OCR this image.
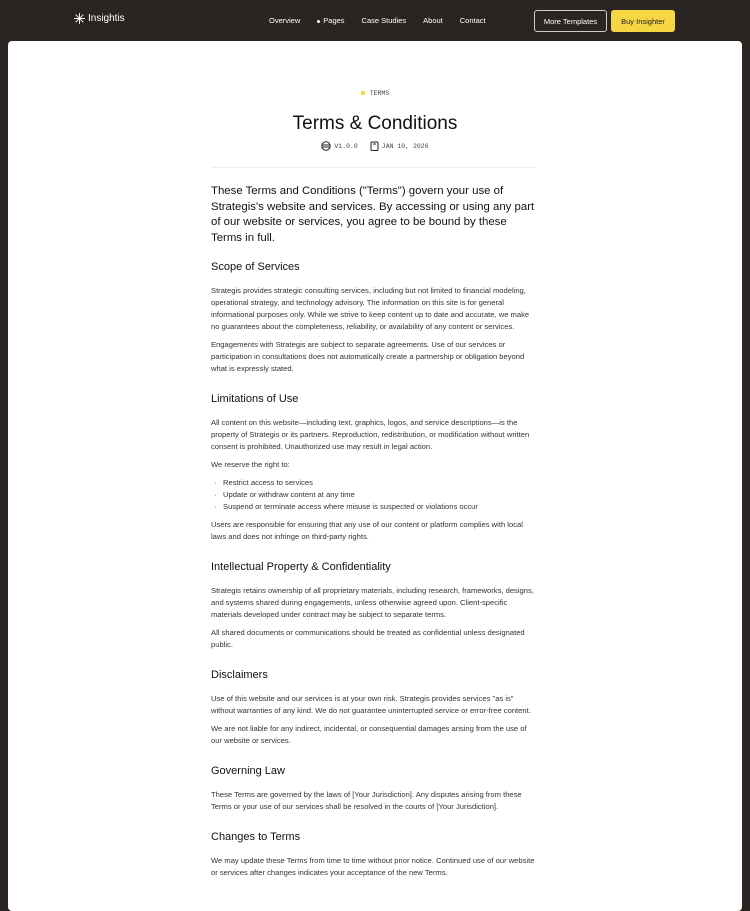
Insightis	Overview	Pages Case Studies About Contact	More Templates	Buy Insighter
TERMS
Terms & Conditions
V1.0.0	JAN 10, 2026
These Terms and Conditions ("Terms") govern your use of Strategis's website and services. By accessing or using any part of our website or services, you agree to be bound by these Terms in full.
Scope of Services

Strategis provides strategic consulting services, including but not limited to financial modeling, operational strategy, and technology advisory. The information on this site is for general informational purposes only. While we strive to keep content up to date and accurate, we make no guarantees about the completeness, reliability, or availability of any content or services.

Engagements with Strategis are subject to separate agreements. Use of our services or participation in consultations does not automatically create a partnership or obligation beyond what is expressly stated.

Limitations of Use

All content on this website—including text, graphics, logos, and service descriptions—is the property of Strategis or its partners. Reproduction, redistribution, or modification without written consent is prohibited. Unauthorized use may result in legal action.

We reserve the right to:

· Restrict access to services
· Update or withdraw content at any time
· Suspend or terminate access where misuse is suspected or violations occur

Users are responsible for ensuring that any use of our content or platform complies with local laws and does not infringe on third-party rights.

Intellectual Property & Confidentiality

Strategis retains ownership of all proprietary materials, including research, frameworks, designs, and systems shared during engagements, unless otherwise agreed upon. Client-specific materials developed under contract may be subject to separate terms.

All shared documents or communications should be treated as confidential unless designated public.

Disclaimers

Use of this website and our services is at your own risk. Strategis provides services "as is" without warranties of any kind. We do not guarantee uninterrupted service or error-free content.

We are not liable for any indirect, incidental, or consequential damages arising from the use of our website or services.

Governing Law

These Terms are governed by the laws of [Your Jurisdiction]. Any disputes arising from these Terms or your use of our services shall be resolved in the courts of [Your Jurisdiction].

Changes to Terms

We may update these Terms from time to time without prior notice. Continued use of our website or services after changes indicates your acceptance of the new Terms.
